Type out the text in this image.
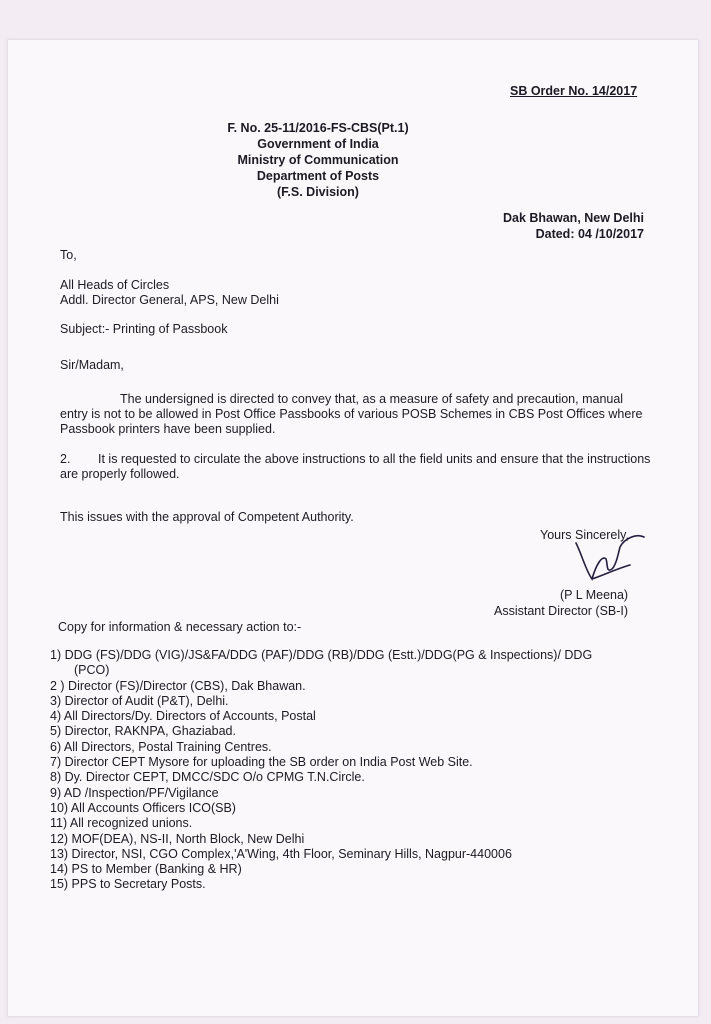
SB Order No. 14/2017
F. No. 25-11/2016-FS-CBS(Pt.1)
Government of India
Ministry of Communication
Department of Posts
(F.S. Division)
Dak Bhawan, New Delhi
Dated: 04 /10/2017
To,
All Heads of Circles
Addl. Director General, APS, New Delhi
Subject:- Printing of Passbook
Sir/Madam,
The undersigned is directed to convey that, as a measure of safety and precaution, manual entry is not to be allowed in Post Office Passbooks of various POSB Schemes in CBS Post Offices where Passbook printers have been supplied.
2. It is requested to circulate the above instructions to all the field units and ensure that the instructions are properly followed.
This issues with the approval of Competent Authority.
Yours Sincerely,
(P L Meena)
Assistant Director (SB-I)
Copy for information & necessary action to:-
1) DDG (FS)/DDG (VIG)/JS&FA/DDG (PAF)/DDG (RB)/DDG (Estt.)/DDG(PG & Inspections)/ DDG (PCO)
2 ) Director (FS)/Director (CBS), Dak Bhawan.
3) Director of Audit (P&T), Delhi.
4) All Directors/Dy. Directors of Accounts, Postal
5) Director, RAKNPA, Ghaziabad.
6) All Directors, Postal Training Centres.
7) Director CEPT Mysore for uploading the SB order on India Post Web Site.
8) Dy. Director CEPT, DMCC/SDC O/o CPMG T.N.Circle.
9) AD /Inspection/PF/Vigilance
10) All Accounts Officers ICO(SB)
11) All recognized unions.
12) MOF(DEA), NS-II, North Block, New Delhi
13) Director, NSI, CGO Complex,'A'Wing, 4th Floor, Seminary Hills, Nagpur-440006
14) PS to Member (Banking & HR)
15) PPS to Secretary Posts.
